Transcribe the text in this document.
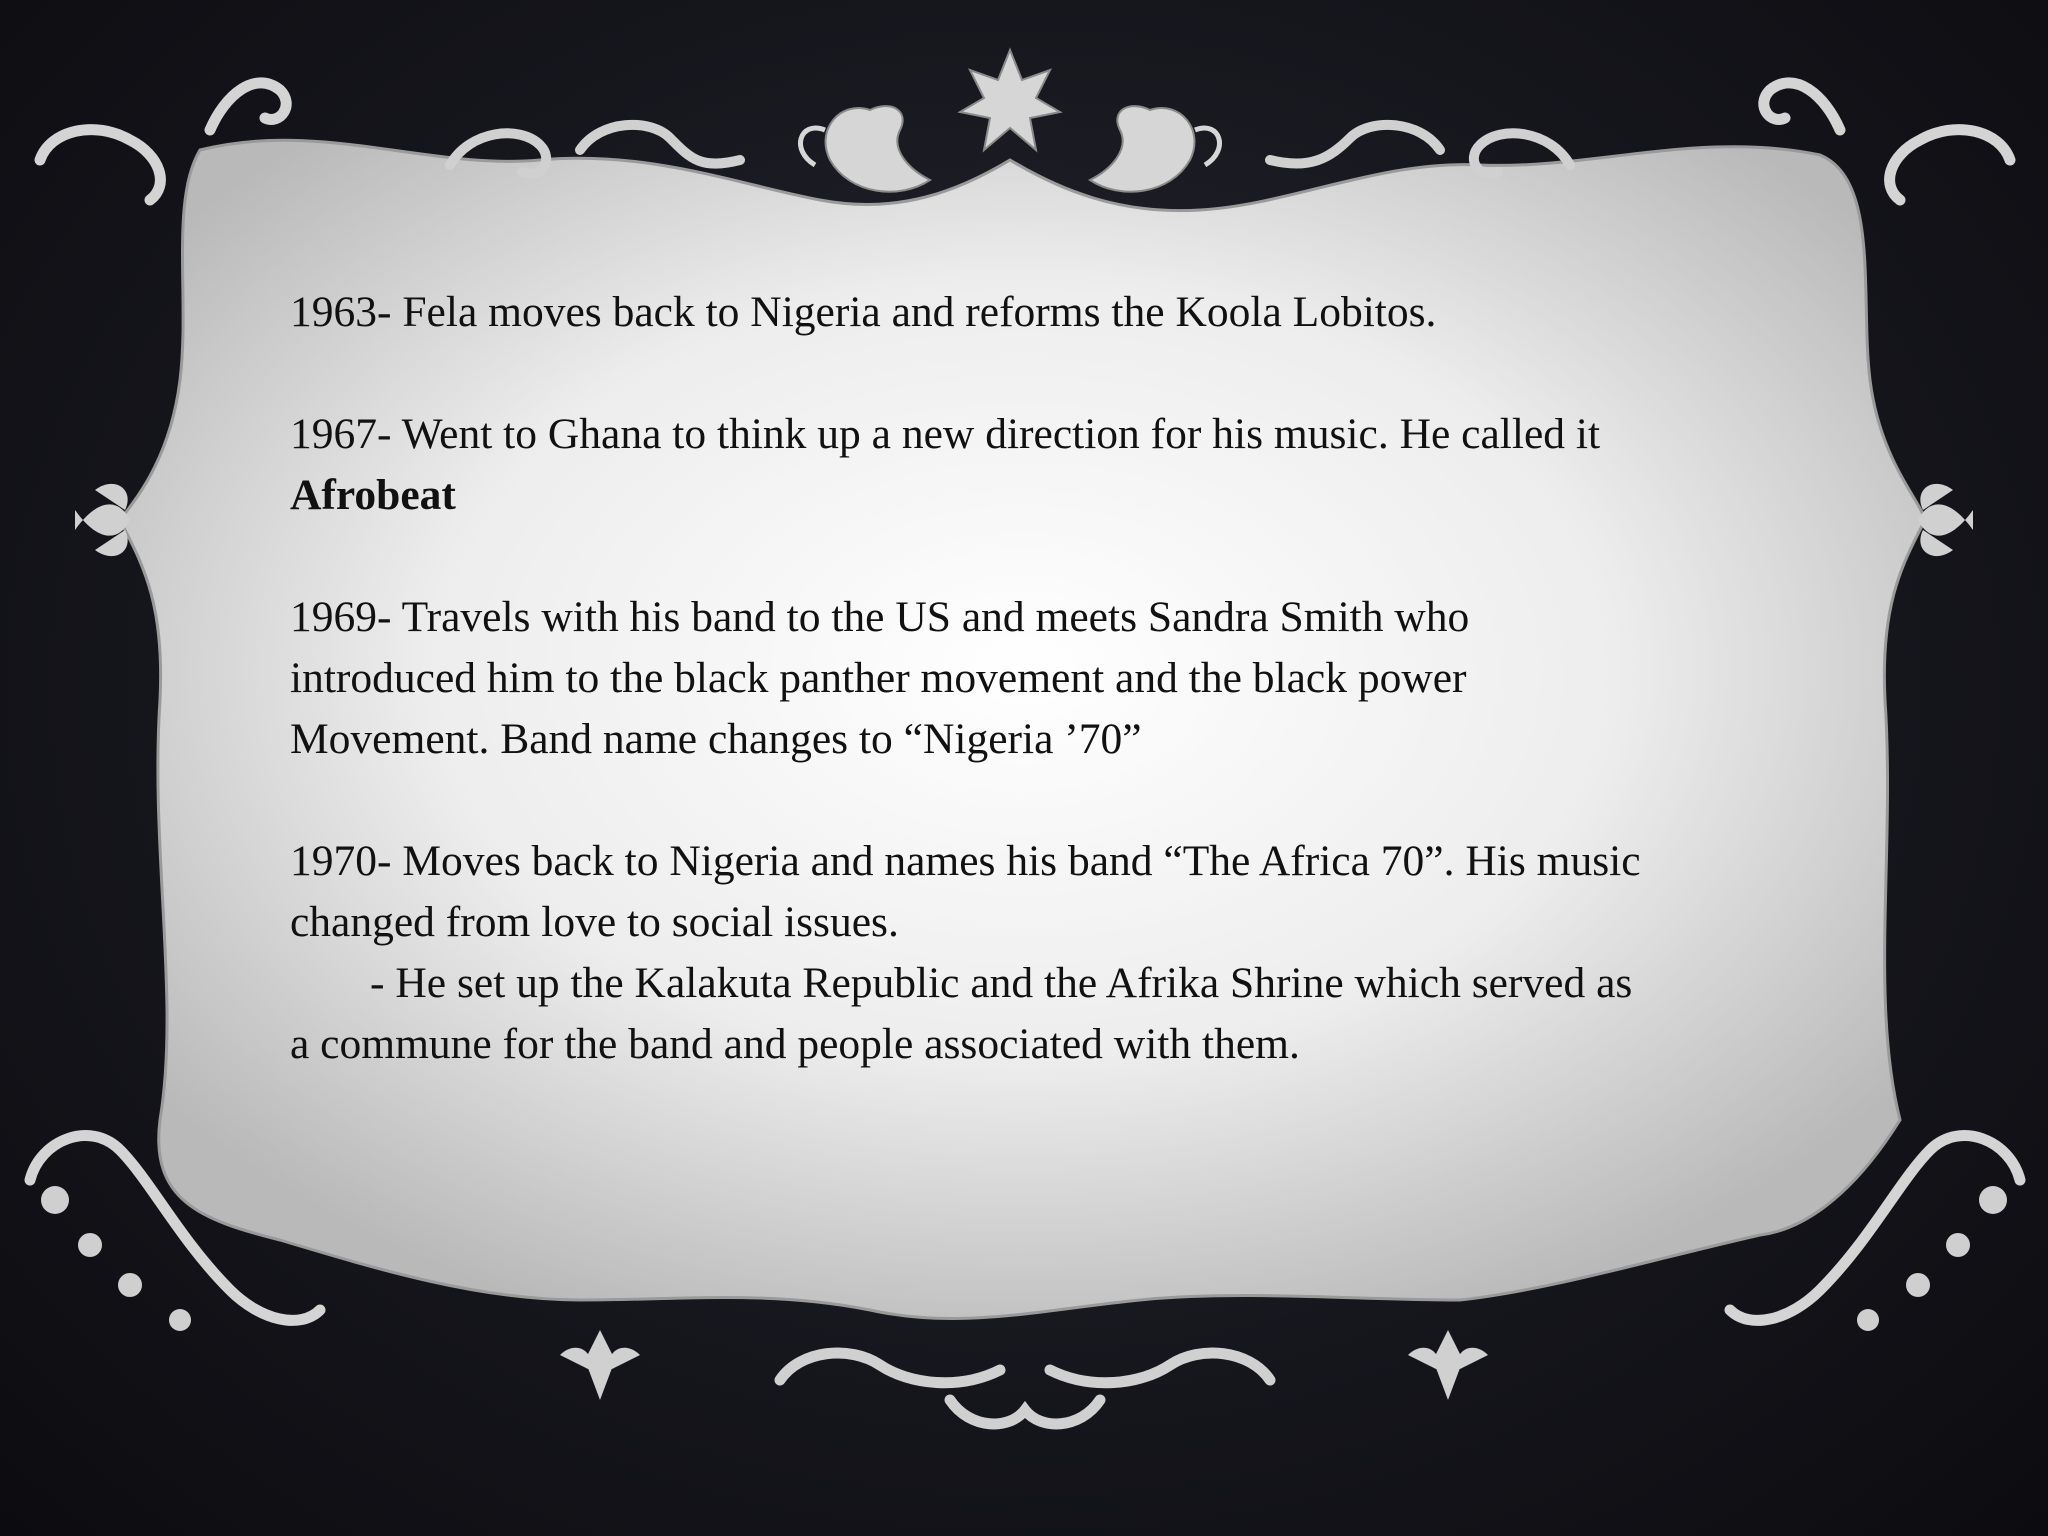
1963- Fela moves back to Nigeria and reforms the Koola Lobitos.

1967- Went to Ghana to think up a new direction for his music. He called it
Afrobeat

1969- Travels with his band to the US and meets Sandra Smith who
introduced him to the black panther movement and the black power
Movement. Band name changes to “Nigeria ’70”

1970- Moves back to Nigeria and names his band “The Africa 70”. His music
changed from love to social issues.
- He set up the Kalakuta Republic and the Afrika Shrine which served as
a commune for the band and people associated with them.
